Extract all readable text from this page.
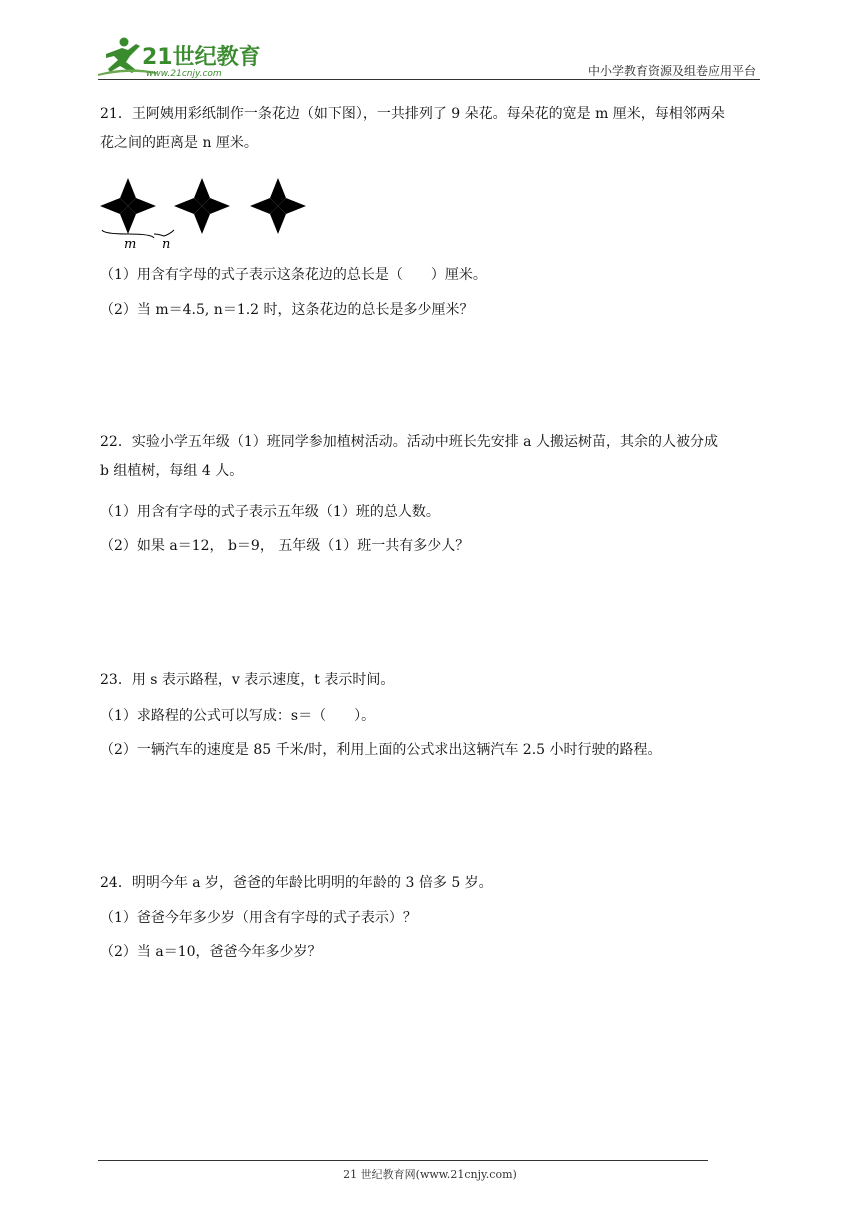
21世纪教育
www.21cnjy.com	中小学教育资源及组卷应用平台

21．王阿姨用彩纸制作一条花边（如下图），一共排列了 9 朵花。每朵花的宽是 m 厘米，每相邻两朵

花之间的距离是 n 厘米。

m n
（1）用含有字母的式子表示这条花边的总长是（　　）厘米。
（2）当 m＝4.5, n＝1.2 时，这条花边的总长是多少厘米？

22．实验小学五年级（1）班同学参加植树活动。活动中班长先安排 a 人搬运树苗，其余的人被分成

b 组植树，每组 4 人。

（1）用含有字母的式子表示五年级（1）班的总人数。
（2）如果 a＝12， b＝9， 五年级（1）班一共有多少人？

23．用 s 表示路程，v 表示速度，t 表示时间。

（1）求路程的公式可以写成：s＝（　　）。
（2）一辆汽车的速度是 85 千米/时，利用上面的公式求出这辆汽车 2.5 小时行驶的路程。

24．明明今年 a 岁，爸爸的年龄比明明的年龄的 3 倍多 5 岁。

（1）爸爸今年多少岁（用含有字母的式子表示）？
（2）当 a＝10，爸爸今年多少岁？
21 世纪教育网(www.21cnjy.com)
